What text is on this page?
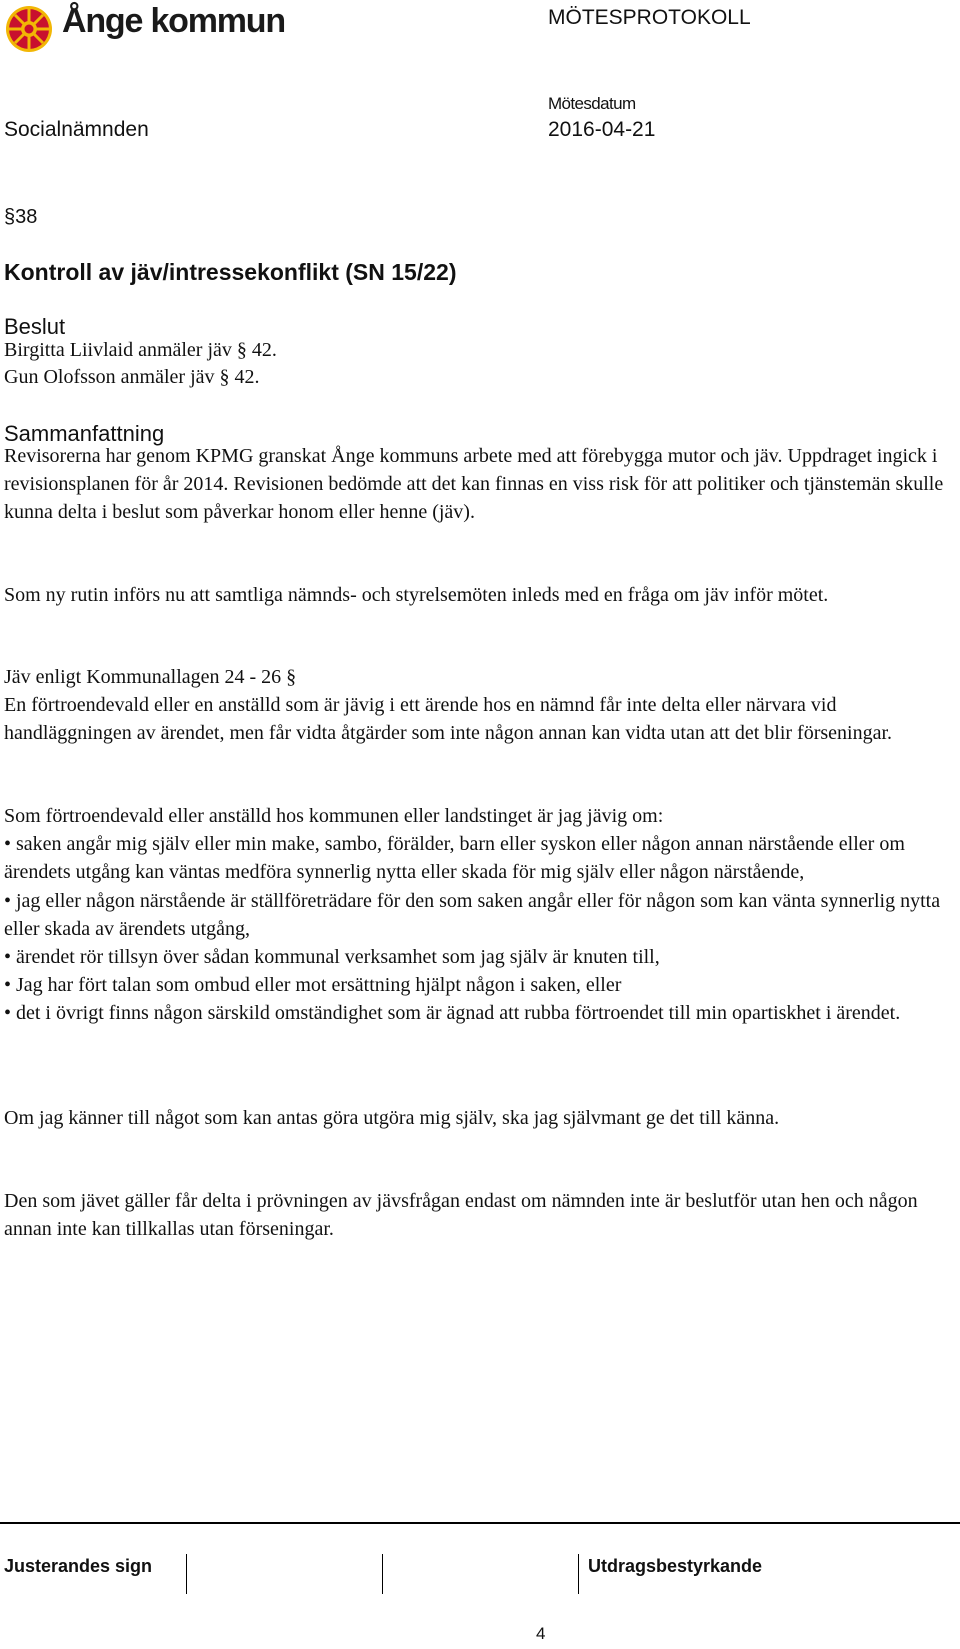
Ånge kommun	MÖTESPROTOKOLL
Mötesdatum
Socialnämnden	2016-04-21
§38
Kontroll av jäv/intressekonflikt (SN 15/22)
Beslut
Birgitta Liivlaid anmäler jäv § 42.
Gun Olofsson anmäler jäv § 42.
Sammanfattning

Revisorerna har genom KPMG granskat Ånge kommuns arbete med att förebygga mutor och jäv. Uppdraget ingick i revisionsplanen för år 2014. Revisionen bedömde att det kan finnas en viss risk för att politiker och tjänstemän skulle kunna delta i beslut som påverkar honom eller henne (jäv).

Som ny rutin införs nu att samtliga nämnds- och styrelsemöten inleds med en fråga om jäv inför mötet.

Jäv enligt Kommunallagen 24 - 26 §

En förtroendevald eller en anställd som är jävig i ett ärende hos en nämnd får inte delta eller närvara vid handläggningen av ärendet, men får vidta åtgärder som inte någon annan kan vidta utan att det blir förseningar.

Som förtroendevald eller anställd hos kommunen eller landstinget är jag jävig om:

• saken angår mig själv eller min make, sambo, förälder, barn eller syskon eller någon annan närstående eller om ärendets utgång kan väntas medföra synnerlig nytta eller skada för mig själv eller någon närstående,

• jag eller någon närstående är ställföreträdare för den som saken angår eller för någon som kan vänta synnerlig nytta eller skada av ärendets utgång,

• ärendet rör tillsyn över sådan kommunal verksamhet som jag själv är knuten till,

• Jag har fört talan som ombud eller mot ersättning hjälpt någon i saken, eller

• det i övrigt finns någon särskild omständighet som är ägnad att rubba förtroendet till min opartiskhet i ärendet.

Om jag känner till något som kan antas göra utgöra mig själv, ska jag självmant ge det till känna.

Den som jävet gäller får delta i prövningen av jävsfrågan endast om nämnden inte är beslutför utan hen och någon annan inte kan tillkallas utan förseningar.

Justerandes sign	Utdragsbestyrkande
4
